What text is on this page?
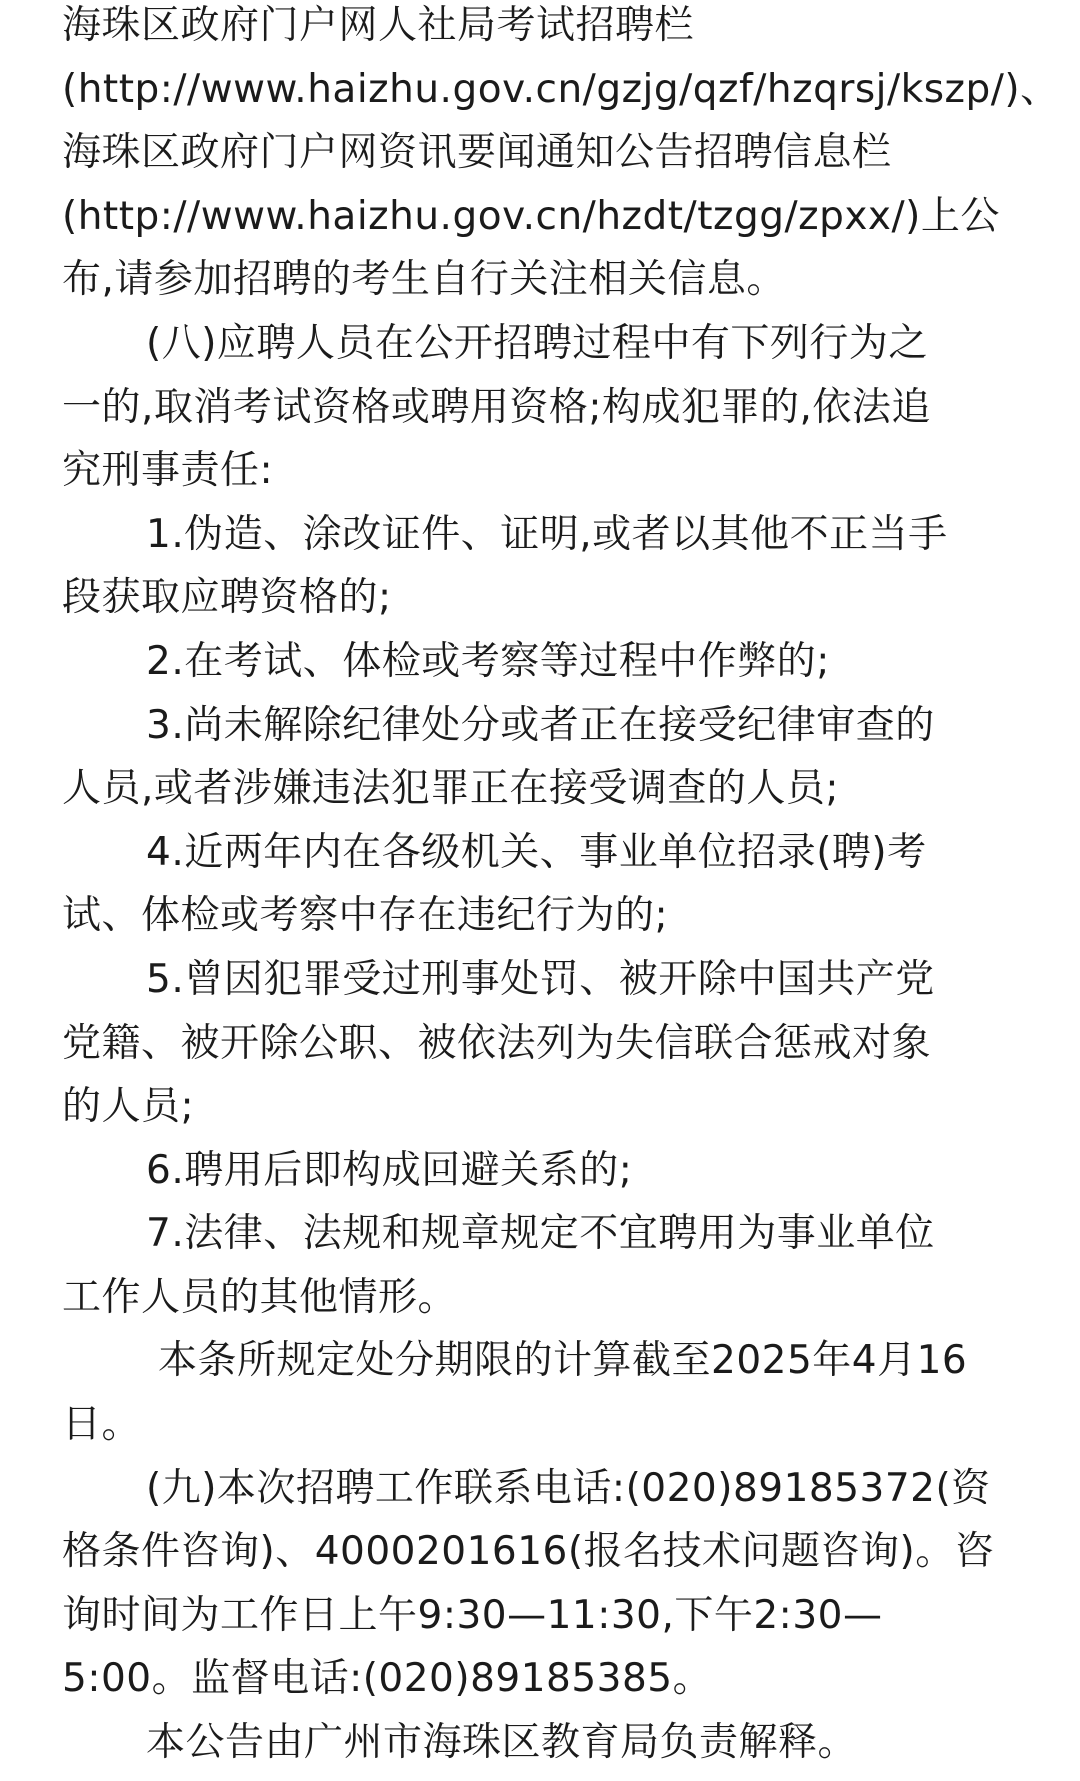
海珠区政府门户网人社局考试招聘栏
(http://www.haizhu.gov.cn/gzjg/qzf/hzqrsj/kszp/)、
海珠区政府门户网资讯要闻通知公告招聘信息栏
(http://www.haizhu.gov.cn/hzdt/tzgg/zpxx/)上公
布,请参加招聘的考生自行关注相关信息。
(八)应聘人员在公开招聘过程中有下列行为之
一的,取消考试资格或聘用资格;构成犯罪的,依法追
究刑事责任:
1.伪造、涂改证件、证明,或者以其他不正当手
段获取应聘资格的;
2.在考试、体检或考察等过程中作弊的;
3.尚未解除纪律处分或者正在接受纪律审查的
人员,或者涉嫌违法犯罪正在接受调查的人员;
4.近两年内在各级机关、事业单位招录(聘)考
试、体检或考察中存在违纪行为的;
5.曾因犯罪受过刑事处罚、被开除中国共产党
党籍、被开除公职、被依法列为失信联合惩戒对象
的人员;
6.聘用后即构成回避关系的;
7.法律、法规和规章规定不宜聘用为事业单位
工作人员的其他情形。
本条所规定处分期限的计算截至2025年4月16
日。
(九)本次招聘工作联系电话:(020)89185372(资
格条件咨询)、4000201616(报名技术问题咨询)。咨
询时间为工作日上午9:30—11:30,下午2:30—
5:00。监督电话:(020)89185385。
本公告由广州市海珠区教育局负责解释。
